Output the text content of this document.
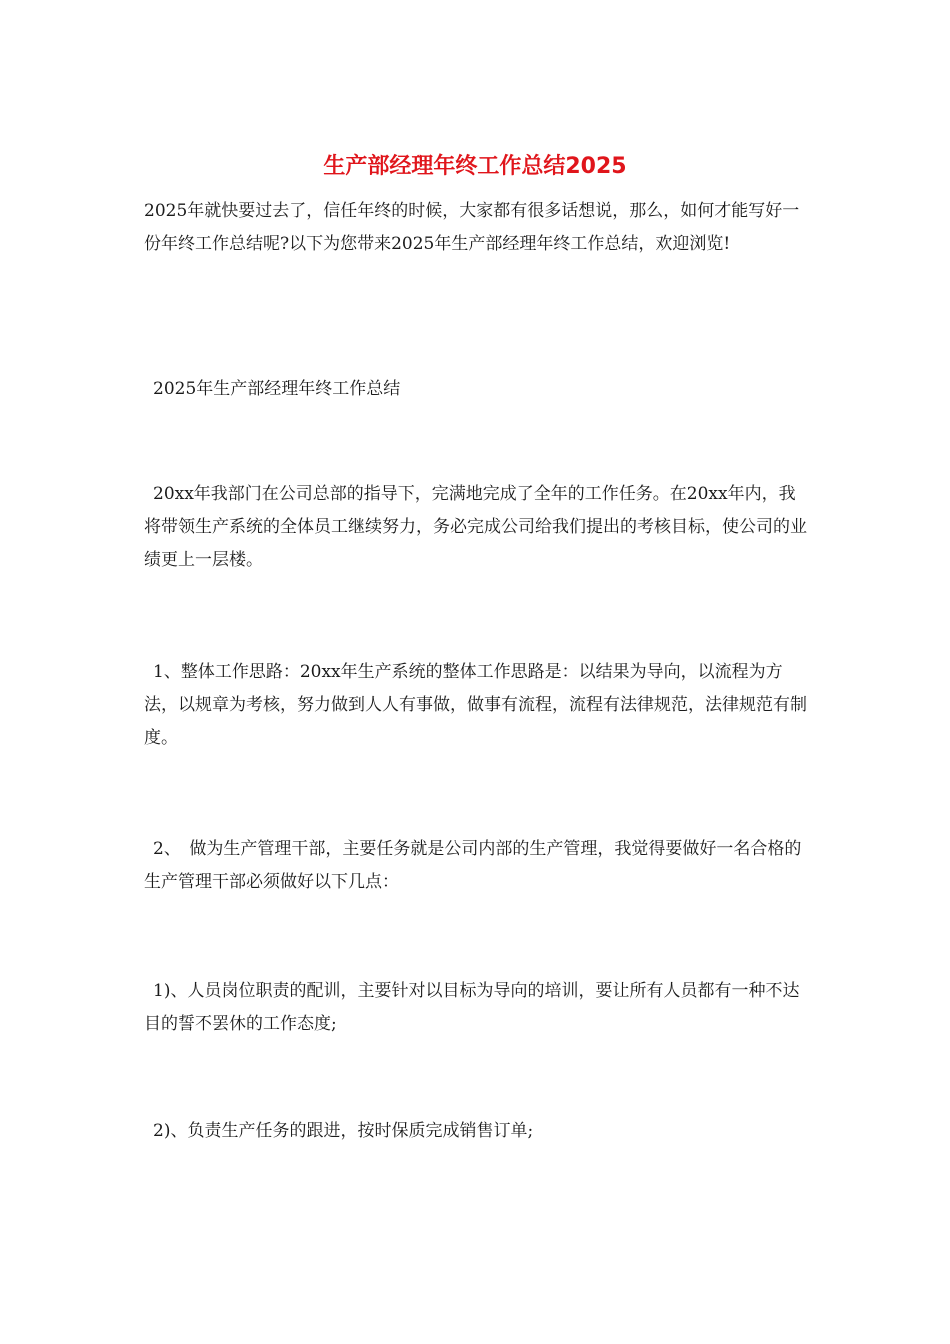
生产部经理年终工作总结2025

2025年就快要过去了，信任年终的时候，大家都有很多话想说，那么，如何才能写好一份年终工作总结呢?以下为您带来2025年生产部经理年终工作总结，欢迎浏览!

2025年生产部经理年终工作总结

20xx年我部门在公司总部的指导下，完满地完成了全年的工作任务。在20xx年内，我将带领生产系统的全体员工继续努力，务必完成公司给我们提出的考核目标，使公司的业绩更上一层楼。

1、整体工作思路：20xx年生产系统的整体工作思路是：以结果为导向，以流程为方法，以规章为考核，努力做到人人有事做，做事有流程，流程有法律规范，法律规范有制度。

2、　做为生产管理干部，主要任务就是公司内部的生产管理，我觉得要做好一名合格的生产管理干部必须做好以下几点：

1)、人员岗位职责的配训，主要针对以目标为导向的培训，要让所有人员都有一种不达目的誓不罢休的工作态度;

2)、负责生产任务的跟进，按时保质完成销售订单;
